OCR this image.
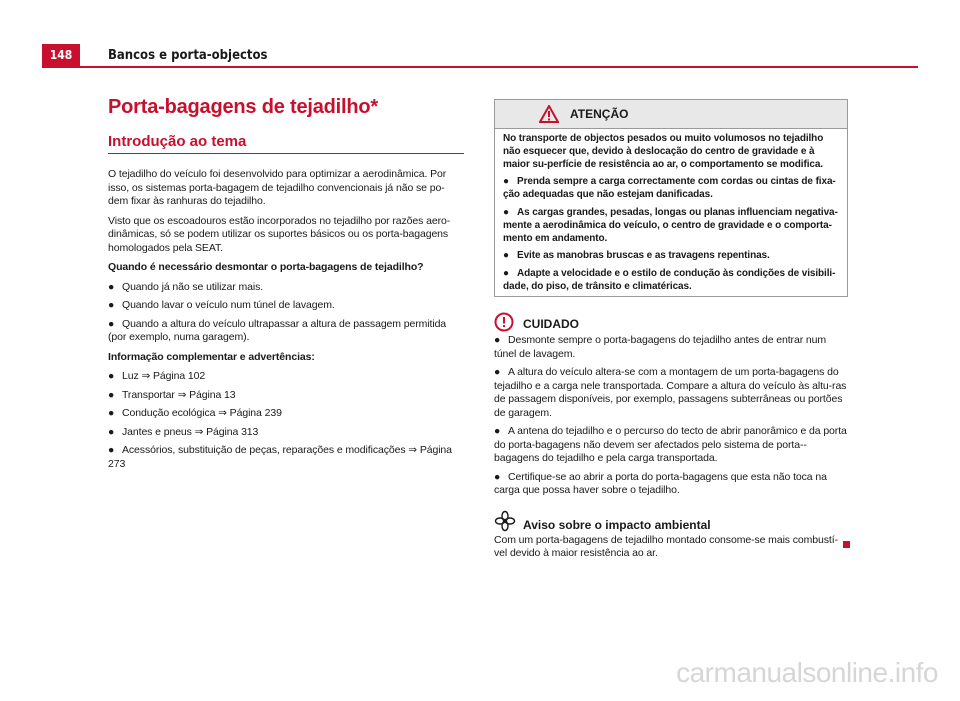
148	Bancos e porta-objectos
Porta-bagagens de tejadilho*
Introdução ao tema
O tejadilho do veículo foi desenvolvido para optimizar a aerodinâmica. Por isso, os sistemas porta-bagagem de tejadilho convencionais já não se po-dem fixar às ranhuras do tejadilho.
Visto que os escoadouros estão incorporados no tejadilho por razões aero-dinâmicas, só se podem utilizar os suportes básicos ou os porta-bagagens homologados pela SEAT.
Quando é necessário desmontar o porta-bagagens de tejadilho?
● Quando já não se utilizar mais.
● Quando lavar o veículo num túnel de lavagem.
● Quando a altura do veículo ultrapassar a altura de passagem permitida (por exemplo, numa garagem).
Informação complementar e advertências:
● Luz ⇒ Página 102
● Transportar ⇒ Página 13
● Condução ecológica ⇒ Página 239
● Jantes e pneus ⇒ Página 313
● Acessórios, substituição de peças, reparações e modificações ⇒ Página 273
ATENÇÃO
No transporte de objectos pesados ou muito volumosos no tejadilho não esquecer que, devido à deslocação do centro de gravidade e à maior su-perfície de resistência ao ar, o comportamento se modifica.
● Prenda sempre a carga correctamente com cordas ou cintas de fixa-ção adequadas que não estejam danificadas.
● As cargas grandes, pesadas, longas ou planas influenciam negativa-mente a aerodinâmica do veículo, o centro de gravidade e o comporta-mento em andamento.
● Evite as manobras bruscas e as travagens repentinas.
● Adapte a velocidade e o estilo de condução às condições de visibili-dade, do piso, de trânsito e climatéricas.
CUIDADO
● Desmonte sempre o porta-bagagens do tejadilho antes de entrar num túnel de lavagem.
● A altura do veículo altera-se com a montagem de um porta-bagagens do tejadilho e a carga nele transportada. Compare a altura do veículo às altu-ras de passagem disponíveis, por exemplo, passagens subterrâneas ou portões de garagem.
● A antena do tejadilho e o percurso do tecto de abrir panorâmico e da porta do porta-bagagens não devem ser afectados pelo sistema de porta--bagagens do tejadilho e pela carga transportada.
● Certifique-se ao abrir a porta do porta-bagagens que esta não toca na carga que possa haver sobre o tejadilho.
Aviso sobre o impacto ambiental
Com um porta-bagagens de tejadilho montado consome-se mais combustí-vel devido à maior resistência ao ar.
carmanualsonline.info
